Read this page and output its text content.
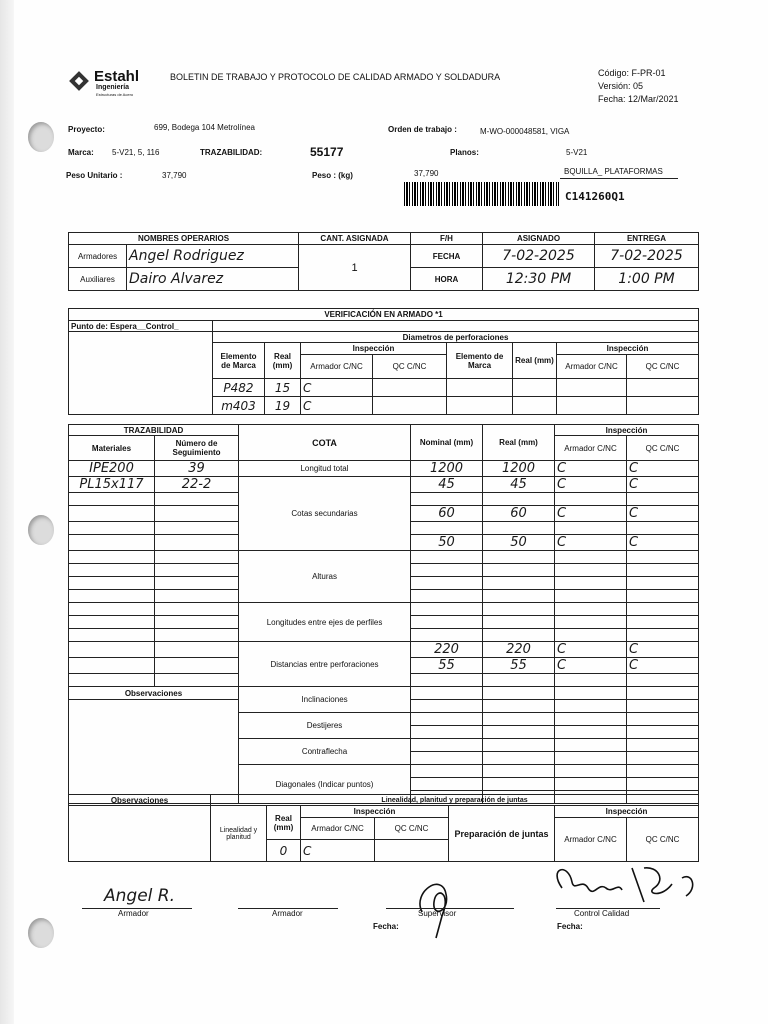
Estahl
Ingeniería
Estructuras de Acero
BOLETIN DE TRABAJO Y PROTOCOLO DE CALIDAD ARMADO Y SOLDADURA	Código: F-PR-01
Versión: 05
Fecha: 12/Mar/2021
Proyecto:	699, Bodega 104 Metrolínea	Orden de trabajo :	M-WO-000048581, VIGA
Marca: 5-V21, 5, 116	TRAZABILIDAD:	55177	Planos:	5-V21
Peso Unitario :	37,790	Peso : (kg)	37,790	BQUILLA_ PLATAFORMAS
C141260Q1
NOMBRES OPERARIOS		CANT. ASIGNADA	F/H	ASIGNADO	ENTREGA
Armadores	Angel Rodriguez	1	FECHA	7-02-2025	7-02-2025
Auxiliares	Dairo Alvarez		HORA	12:30 PM	1:00 PM
VERIFICACIÓN EN ARMADO *1								
Punto de: Espera__Control_								
	Diametros de perforaciones							
	Elemento de Marca	Real (mm)	Inspección		Elemento de Marca	Real (mm)	Inspección	
			Armador C/NC	QC C/NC			Armador C/NC	QC C/NC
	P482	15	C					
	m403	19	C					
TRAZABILIDAD		COTA	Nominal (mm)	Real (mm)	Inspección	
Materiales	Número de Seguimiento				Armador C/NC	QC C/NC

IPE200	39	Longitud total	1200	1200	C	C
PL15x117	22-2	Cotas secundarias	45	45	C	C

			60	60	C	C

			50	50	C	C
		Alturas				

		Longitudes entre ejes de perfiles				

		Distancias entre perforaciones	220	220	C	C
			55	55	C	C

Observaciones		Inclinaciones				

		Destijeres				

		Contraflecha				

		Diagonales (Indicar puntos)				

Observaciones	Linealidad, planitud y preparación de juntas						
	Linealidad y planitud	Real (mm)	Inspección		Preparación de juntas	Inspección	
			Armador C/NC	QC C/NC		Armador C/NC	QC C/NC
		0	C				
Angel R.
Armador	Armador	Supervisor	Control Calidad
Fecha:	Fecha:
